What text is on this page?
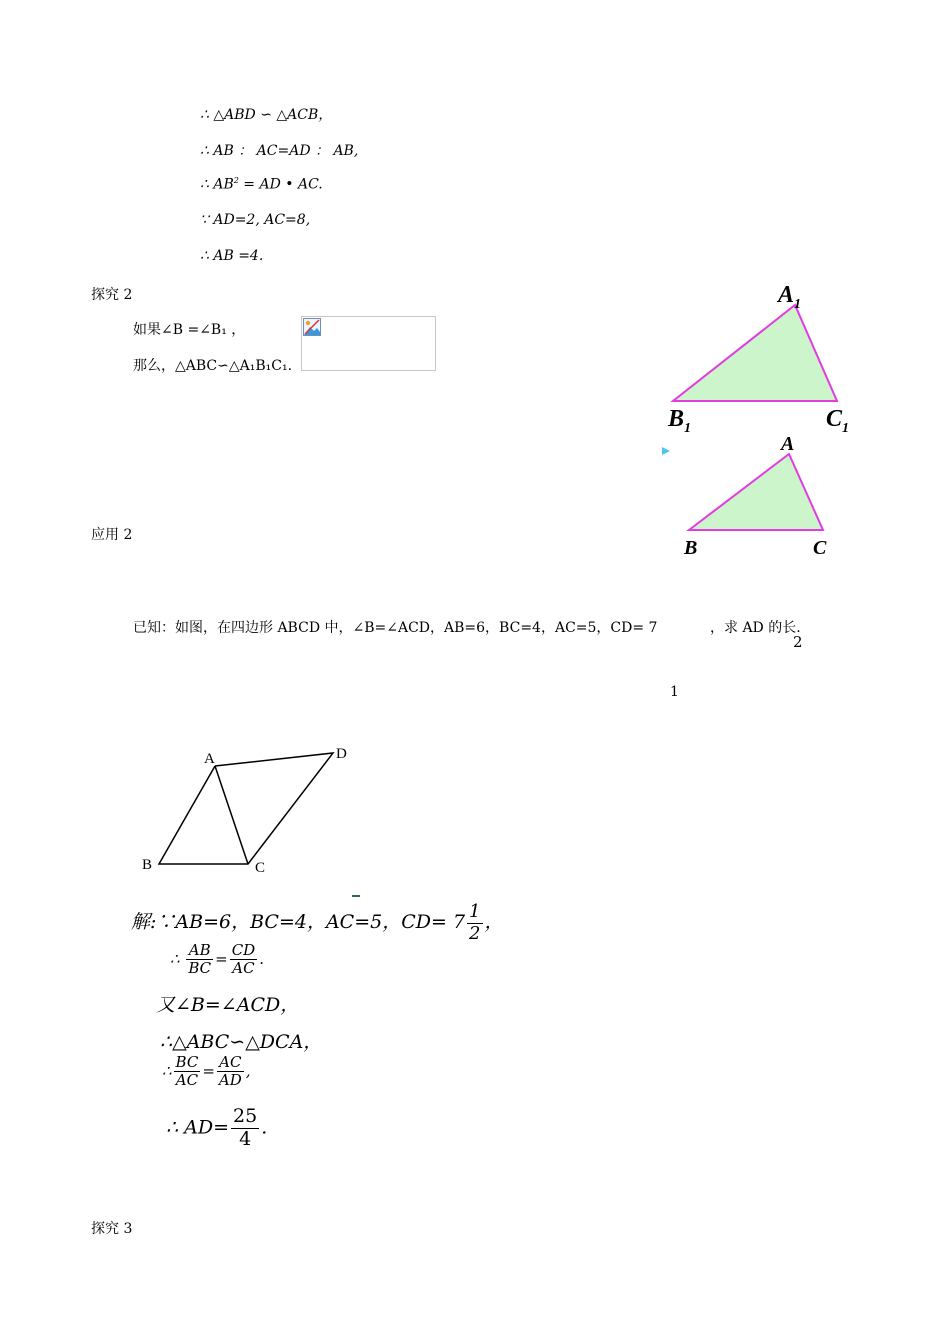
∴ △ABD ∽ △ACB，
∴ AB ： AC=AD ： AB,
∴ $AB^2$ = AD • AC.
∵ AD=2, AC=8,
∴ AB =4.
探究 2
如果∠B =∠B₁ ，
那么，△ABC∽△A₁B₁C₁.
$A_1$
$B_1$	$C_1$
A
B	C
应用 2
已知：如图，在四边形 ABCD 中，∠B=∠ACD，AB=6，BC=4，AC=5，CD= 7	，求 AD 的长.
2
1
A
B	C
D
解:∵AB=6，BC=4，AC=5，$CD= 7 \frac{1}{2}$ ，
∴ $\frac{AB}{BC} = \frac{CD}{AC}$ .
又∠B=∠ACD，
∴△ABC∽△DCA，
∴ $\frac{BC}{AC} = \frac{AC}{AD}$ ,
∴ $AD= \frac{25}{4}$ .
探究 3
